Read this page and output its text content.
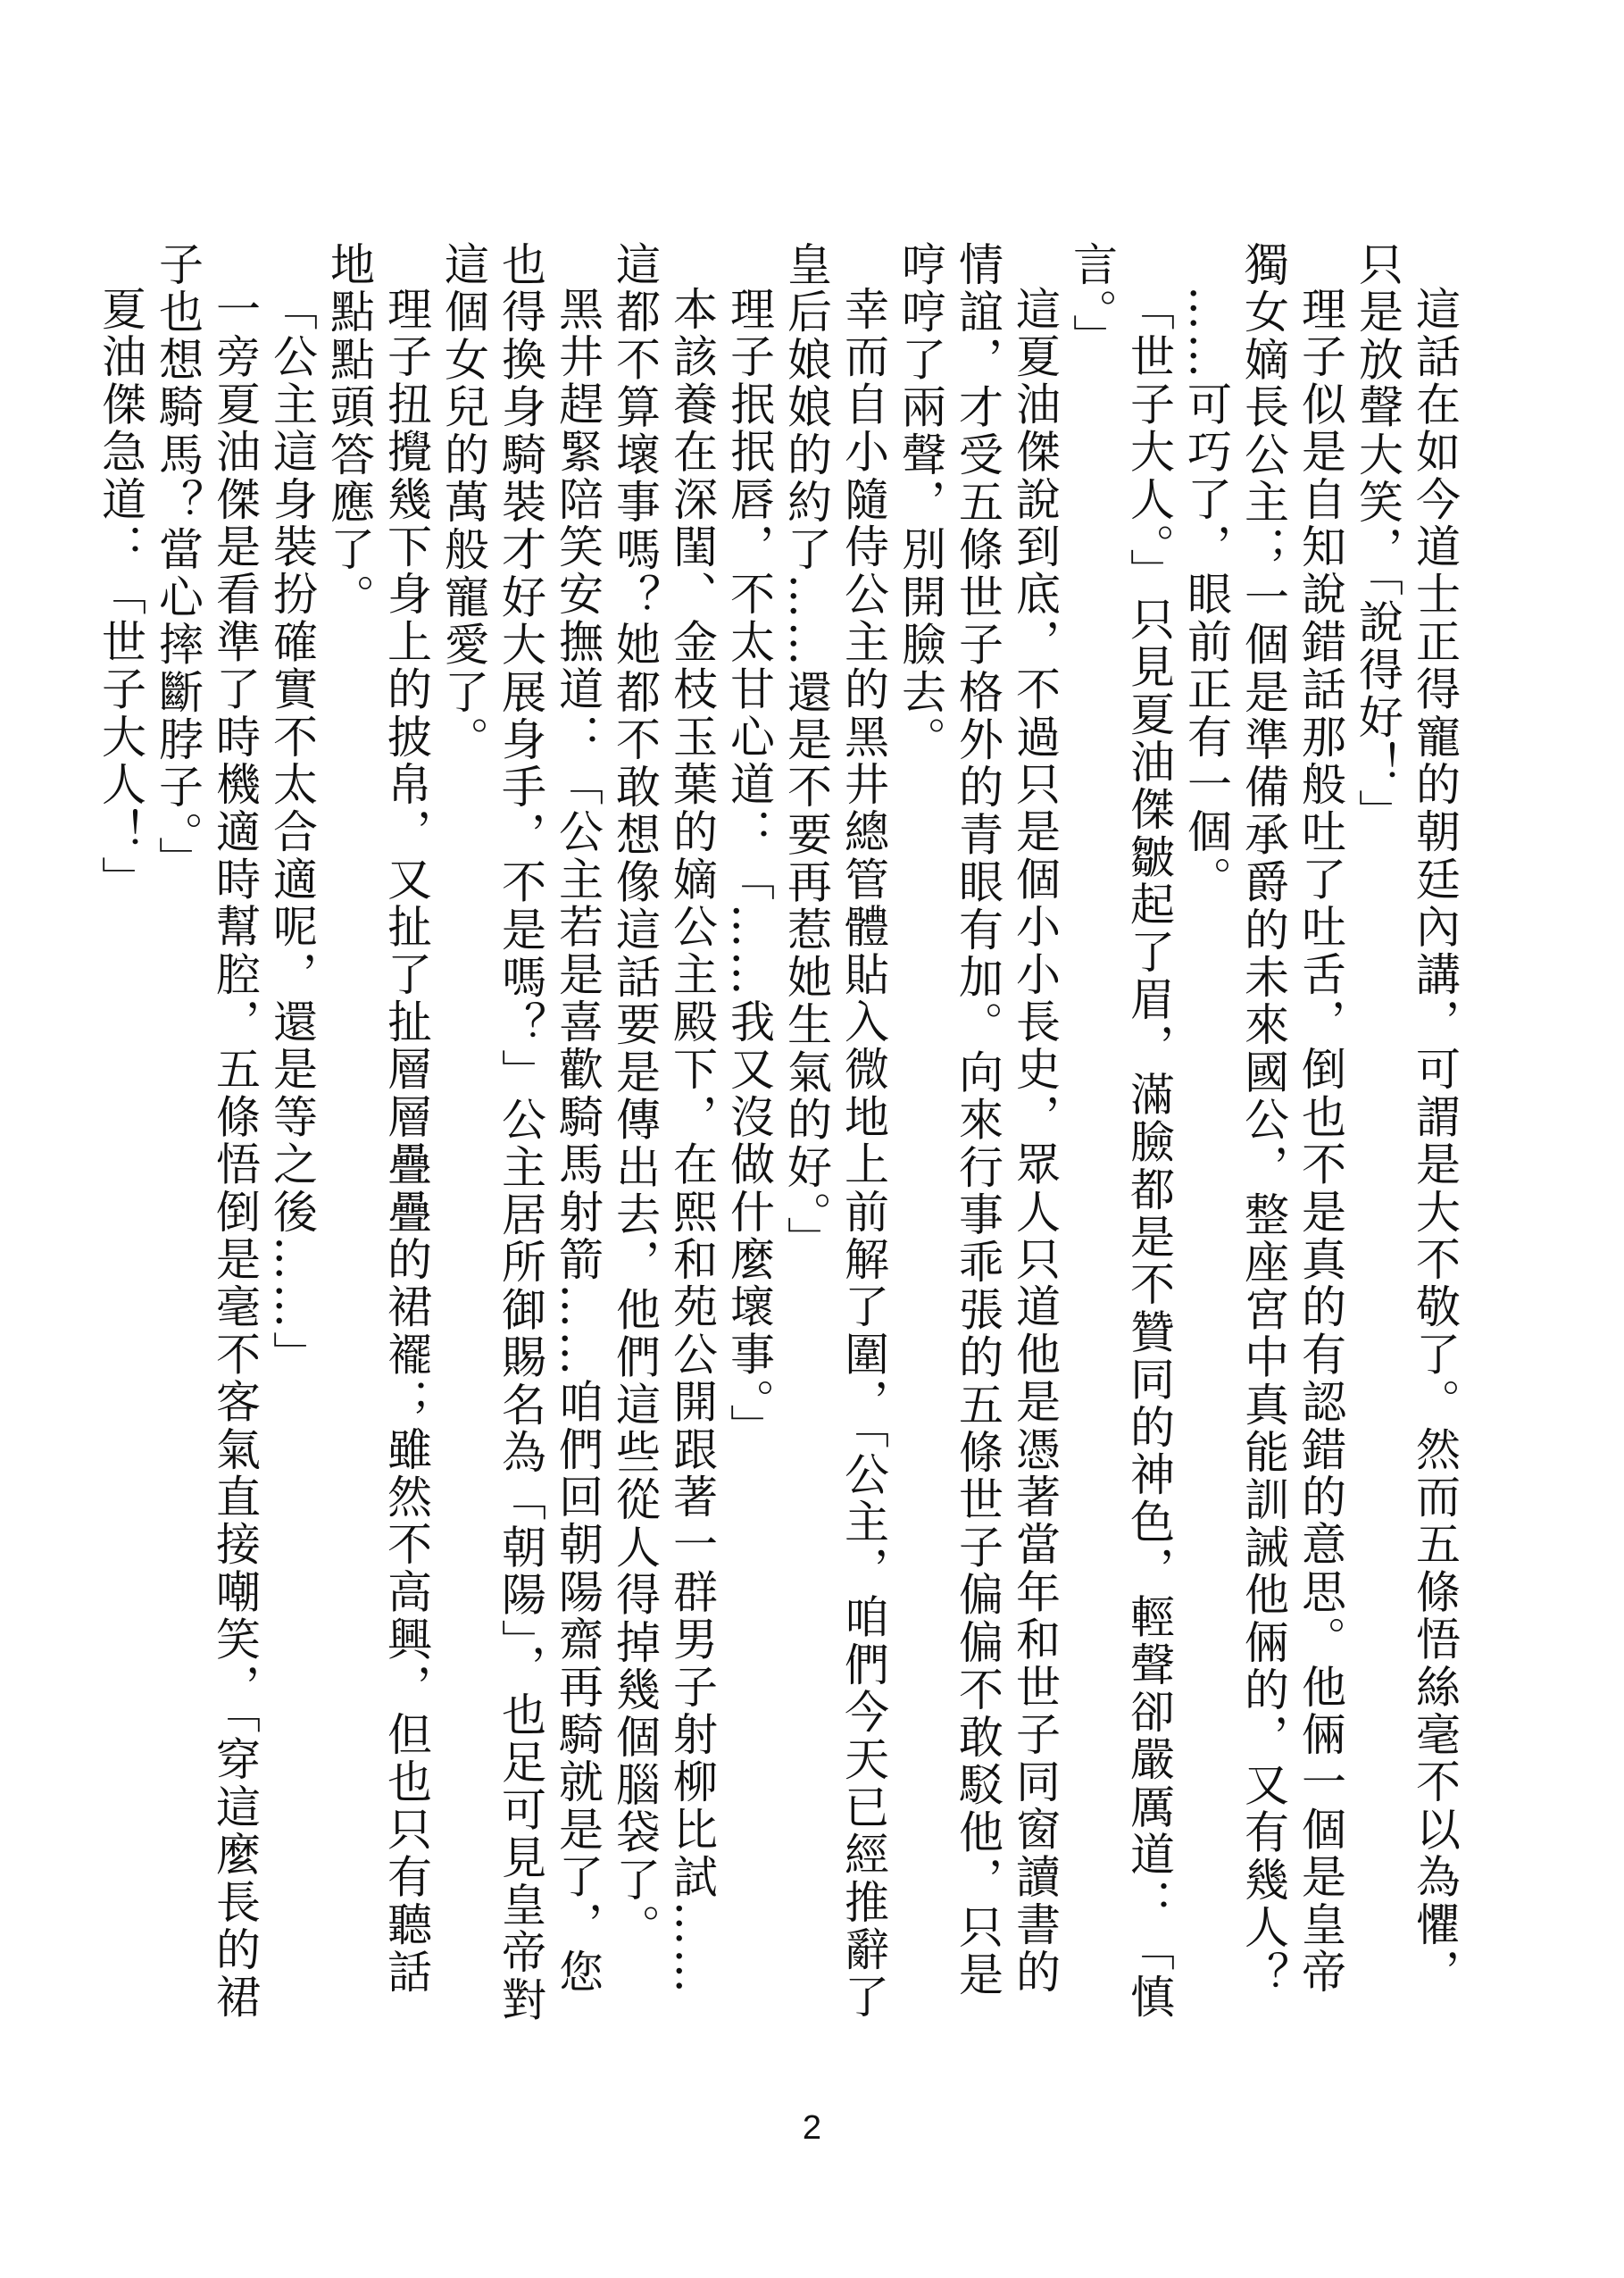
這話在如今道士正得寵的朝廷內講，可謂是大不敬了。然而五條悟絲毫不以為懼，只是放聲大笑，「說得好！」

理子似是自知說錯話那般吐了吐舌，倒也不是真的有認錯的意思。他倆一個是皇帝獨女嫡長公主；一個是準備承爵的未來國公，整座宮中真能訓誡他倆的，又有幾人？

……可巧了，眼前正有一個。

「世子大人。」只見夏油傑皺起了眉，滿臉都是不贊同的神色，輕聲卻嚴厲道：「慎言。」

這夏油傑說到底，不過只是個小小長史，眾人只道他是憑著當年和世子同窗讀書的情誼，才受五條世子格外的青眼有加。向來行事乖張的五條世子偏偏不敢駁他，只是哼哼了兩聲，別開臉去。

幸而自小隨侍公主的黑井總管體貼入微地上前解了圍，「公主，咱們今天已經推辭了皇后娘娘的約了……還是不要再惹她生氣的好。」

理子抿抿唇，不太甘心道：「……我又沒做什麼壞事。」

本該養在深閨、金枝玉葉的嫡公主殿下，在熙和苑公開跟著一群男子射柳比試……這都不算壞事嗎？她都不敢想像這話要是傳出去，他們這些從人得掉幾個腦袋了。

黑井趕緊陪笑安撫道：「公主若是喜歡騎馬射箭……咱們回朝陽齋再騎就是了，您也得換身騎裝才好大展身手，不是嗎？」公主居所御賜名為「朝陽」，也足可見皇帝對這個女兒的萬般寵愛了。

理子扭攪幾下身上的披帛，又扯了扯層層疊疊的裙襬；雖然不高興，但也只有聽話地點點頭答應了。

「公主這身裝扮確實不太合適呢，還是等之後……」

一旁夏油傑是看準了時機適時幫腔，五條悟倒是毫不客氣直接嘲笑，「穿這麼長的裙子也想騎馬？當心摔斷脖子。」

夏油傑急道：「世子大人！」

2
